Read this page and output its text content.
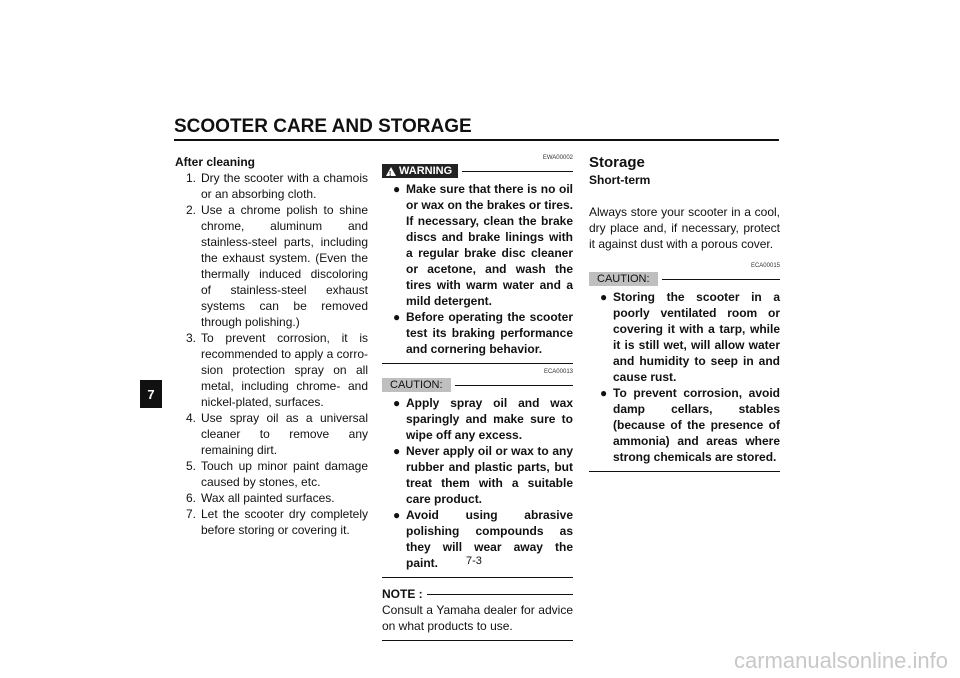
SCOOTER CARE AND STORAGE
7
After cleaning
1. Dry the scooter with a chamois or an absorbing cloth.
2. Use a chrome polish to shine chrome, aluminum and stainless-steel parts, including the exhaust system. (Even the thermally induced discoloring of stainless-steel exhaust systems can be removed through polishing.)
3. To prevent corrosion, it is recommended to apply a corro-sion protection spray on all metal, including chrome- and nickel-plated, surfaces.
4. Use spray oil as a universal cleaner to remove any remaining dirt.
5. Touch up minor paint damage caused by stones, etc.
6. Wax all painted surfaces.
7. Let the scooter dry completely before storing or covering it.
EWA00002
!
WARNING
● Make sure that there is no oil or wax on the brakes or tires. If necessary, clean the brake discs and brake linings with a regular brake disc cleaner or acetone, and wash the tires with warm water and a mild detergent.
● Before operating the scooter test its braking performance and cornering behavior.
ECA00013
CAUTION:
● Apply spray oil and wax sparingly and make sure to wipe off any excess.
● Never apply oil or wax to any rubber and plastic parts, but treat them with a suitable care product.
● Avoid using abrasive polishing compounds as they will wear away the paint.
NOTE :
Consult a Yamaha dealer for advice on what products to use.
Storage
Short-term
Always store your scooter in a cool, dry place and, if necessary, protect it against dust with a porous cover.
ECA00015
CAUTION:
● Storing the scooter in a poorly ventilated room or covering it with a tarp, while it is still wet, will allow water and humidity to seep in and cause rust.
● To prevent corrosion, avoid damp cellars, stables (because of the presence of ammonia) and areas where strong chemicals are stored.
7-3
carmanualsonline.info
